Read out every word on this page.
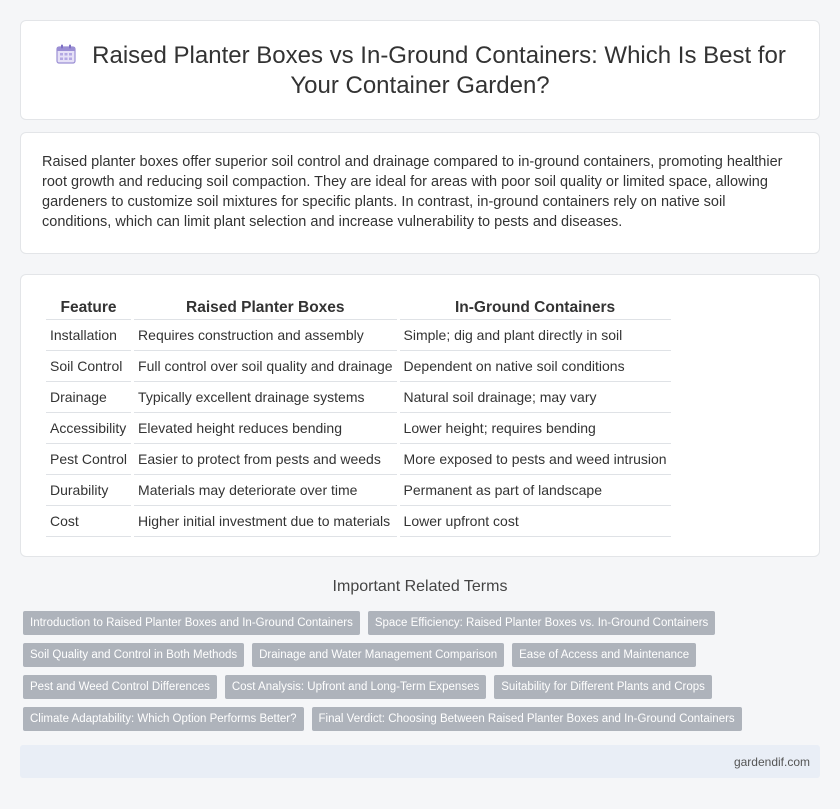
Raised Planter Boxes vs In-Ground Containers: Which Is Best for Your Container Garden?

Raised planter boxes offer superior soil control and drainage compared to in-ground containers, promoting healthier root growth and reducing soil compaction. They are ideal for areas with poor soil quality or limited space, allowing gardeners to customize soil mixtures for specific plants. In contrast, in-ground containers rely on native soil conditions, which can limit plant selection and increase vulnerability to pests and diseases.

Feature	Raised Planter Boxes	In-Ground Containers
Installation	Requires construction and assembly	Simple; dig and plant directly in soil
Soil Control	Full control over soil quality and drainage	Dependent on native soil conditions
Drainage	Typically excellent drainage systems	Natural soil drainage; may vary
Accessibility	Elevated height reduces bending	Lower height; requires bending
Pest Control	Easier to protect from pests and weeds	More exposed to pests and weed intrusion
Durability	Materials may deteriorate over time	Permanent as part of landscape
Cost	Higher initial investment due to materials	Lower upfront cost
Important Related Terms
Introduction to Raised Planter Boxes and In-Ground Containers	Space Efficiency: Raised Planter Boxes vs. In-Ground Containers
Soil Quality and Control in Both Methods	Drainage and Water Management Comparison	Ease of Access and Maintenance
Pest and Weed Control Differences	Cost Analysis: Upfront and Long-Term Expenses	Suitability for Different Plants and Crops
Climate Adaptability: Which Option Performs Better?	Final Verdict: Choosing Between Raised Planter Boxes and In-Ground Containers
gardendif.com
